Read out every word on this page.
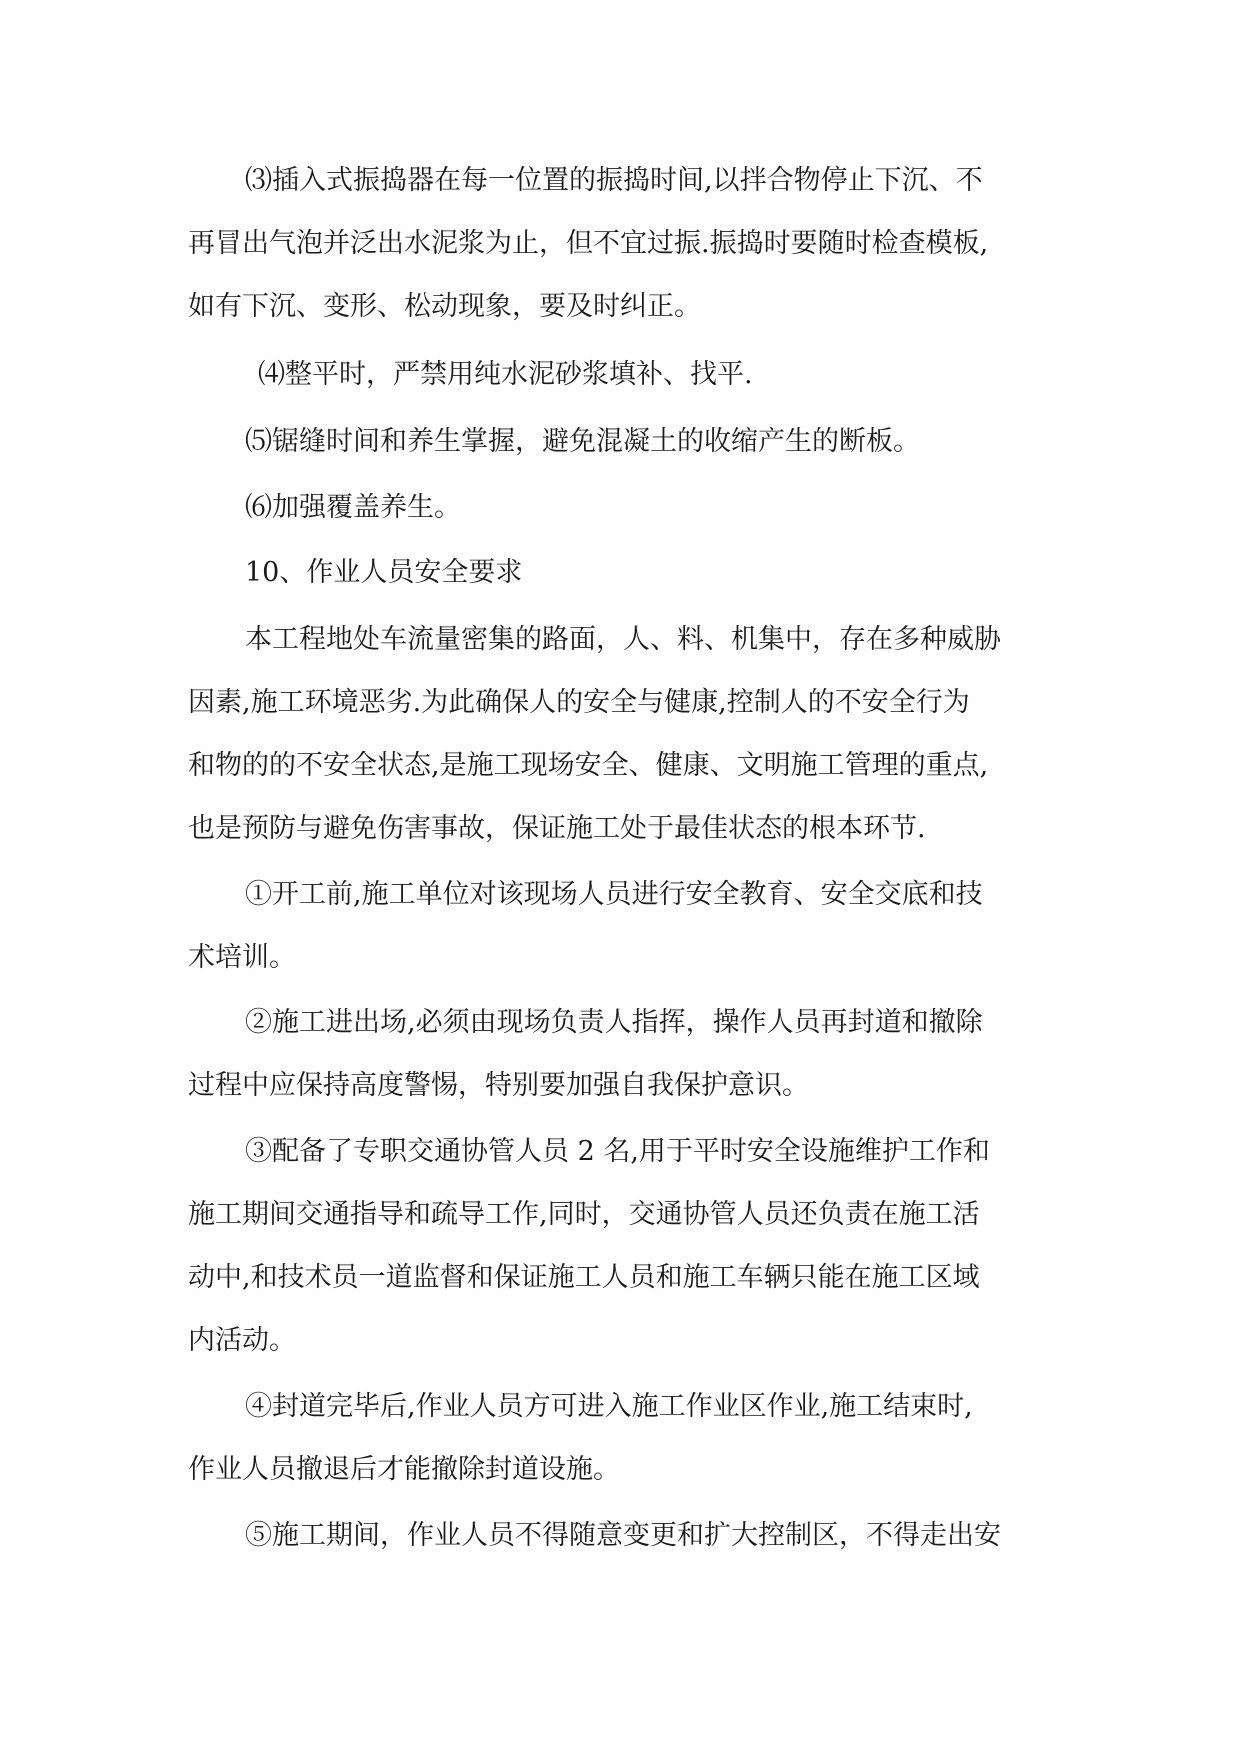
⑶插入式振捣器在每一位置的振捣时间,以拌合物停止下沉、不
再冒出气泡并泛出水泥浆为止，但不宜过振.振捣时要随时检查模板,
如有下沉、变形、松动现象，要及时纠正。
⑷整平时，严禁用纯水泥砂浆填补、找平.
⑸锯缝时间和养生掌握，避免混凝土的收缩产生的断板。
⑹加强覆盖养生。
10、作业人员安全要求
本工程地处车流量密集的路面，人、料、机集中，存在多种威胁
因素,施工环境恶劣.为此确保人的安全与健康,控制人的不安全行为
和物的的不安全状态,是施工现场安全、健康、文明施工管理的重点,
也是预防与避免伤害事故，保证施工处于最佳状态的根本环节.
①开工前,施工单位对该现场人员进行安全教育、安全交底和技
术培训。
②施工进出场,必须由现场负责人指挥，操作人员再封道和撤除
过程中应保持高度警惕，特别要加强自我保护意识。
③配备了专职交通协管人员 2 名,用于平时安全设施维护工作和
施工期间交通指导和疏导工作,同时，交通协管人员还负责在施工活
动中,和技术员一道监督和保证施工人员和施工车辆只能在施工区域
内活动。
④封道完毕后,作业人员方可进入施工作业区作业,施工结束时,
作业人员撤退后才能撤除封道设施。
⑤施工期间，作业人员不得随意变更和扩大控制区，不得走出安
